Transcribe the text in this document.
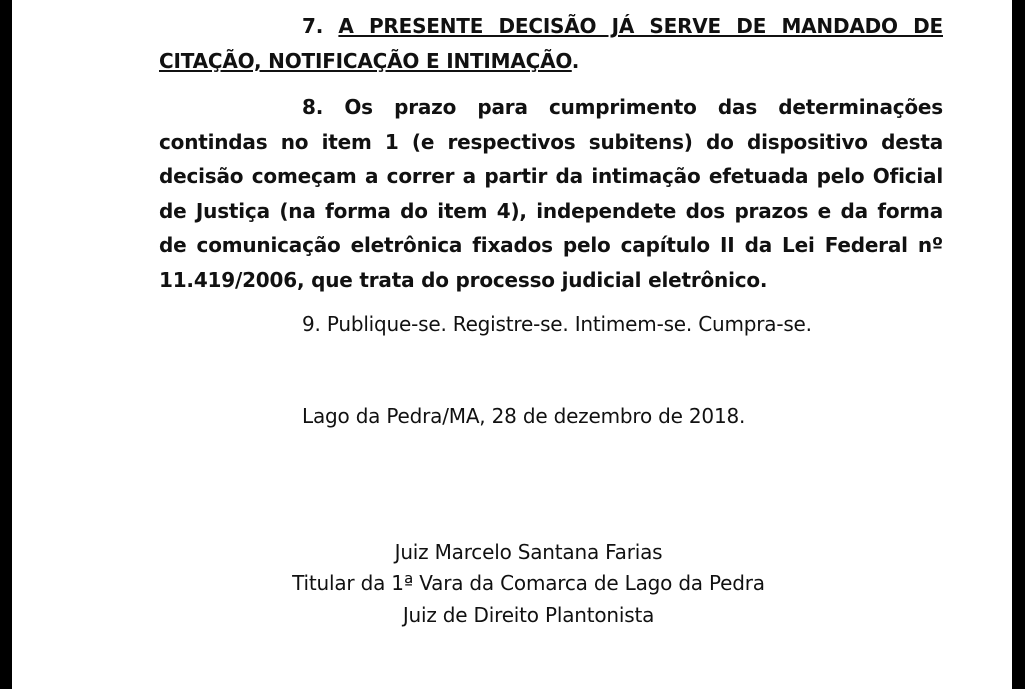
7. A PRESENTE DECISÃO JÁ SERVE DE MANDADO DE CITAÇÃO, NOTIFICAÇÃO E INTIMAÇÃO.
8. Os prazo para cumprimento das determinações contindas no item 1 (e respectivos subitens) do dispositivo desta decisão começam a correr a partir da intimação efetuada pelo Oficial de Justiça (na forma do item 4), independete dos prazos e da forma de comunicação eletrônica fixados pelo capítulo II da Lei Federal nº 11.419/2006, que trata do processo judicial eletrônico.
9. Publique-se. Registre-se. Intimem-se. Cumpra-se.
Lago da Pedra/MA, 28 de dezembro de 2018.
Juiz Marcelo Santana Farias
Titular da 1ª Vara da Comarca de Lago da Pedra
Juiz de Direito Plantonista
